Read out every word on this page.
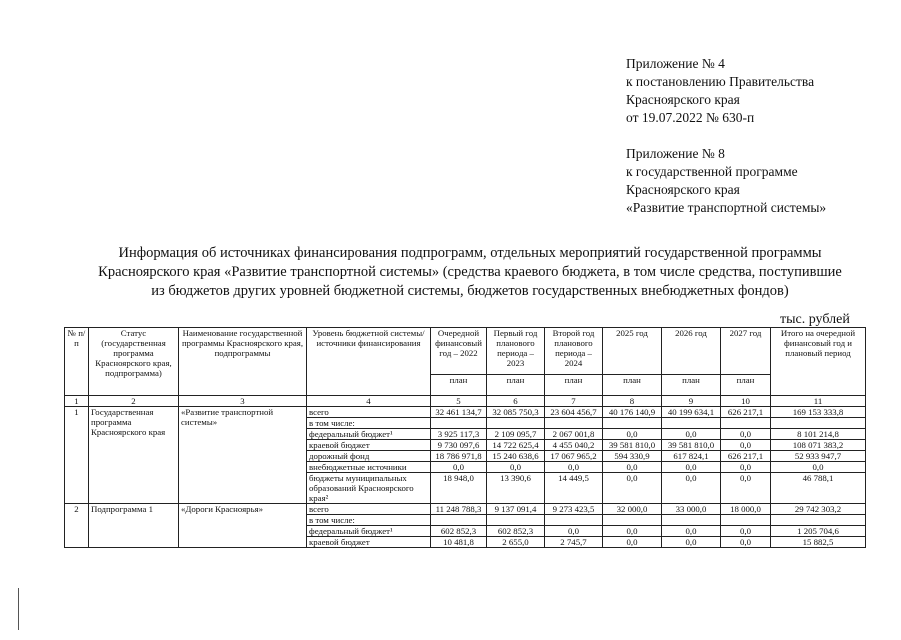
Приложение № 4
к постановлению Правительства
Красноярского края
от 19.07.2022 № 630-п
Приложение № 8
к государственной программе
Красноярского края
«Развитие транспортной системы»
Информация об источниках финансирования подпрограмм, отдельных мероприятий государственной программы
Красноярского края «Развитие транспортной системы» (средства краевого бюджета, в том числе средства, поступившие
из бюджетов других уровней бюджетной системы, бюджетов государственных внебюджетных фондов)
тыс. рублей
№ п/п	Статус (государственная программа Красноярского края, подпрограмма)	Наименование государственной программы Красноярского края, подпрограммы	Уровень бюджетной системы/источники финансирования	Очередной финансовый год – 2022	Первый год планового периода – 2023	Второй год планового периода – 2024	2025 год	2026 год	2027 год	Итого на очередной финансовый год и плановый период
				план	план	план	план	план	план	
1	2	3	4	5	6	7	8	9	10	11
1	Государственная программа Красноярского края	«Развитие транспортной системы»	всего	32 461 134,7	32 085 750,3	23 604 456,7	40 176 140,9	40 199 634,1	626 217,1	169 153 333,8
			в том числе:							
			федеральный бюджет¹	3 925 117,3	2 109 095,7	2 067 001,8	0,0	0,0	0,0	8 101 214,8
			краевой бюджет	9 730 097,6	14 722 625,4	4 455 040,2	39 581 810,0	39 581 810,0	0,0	108 071 383,2
			дорожный фонд	18 786 971,8	15 240 638,6	17 067 965,2	594 330,9	617 824,1	626 217,1	52 933 947,7
			внебюджетные источники	0,0	0,0	0,0	0,0	0,0	0,0	0,0
			бюджеты муниципальных образований Красноярского края²	18 948,0	13 390,6	14 449,5	0,0	0,0	0,0	46 788,1
2	Подпрограмма 1	«Дороги Красноярья»	всего	11 248 788,3	9 137 091,4	9 273 423,5	32 000,0	33 000,0	18 000,0	29 742 303,2
			в том числе:							
			федеральный бюджет¹	602 852,3	602 852,3	0,0	0,0	0,0	0,0	1 205 704,6
			краевой бюджет	10 481,8	2 655,0	2 745,7	0,0	0,0	0,0	15 882,5
